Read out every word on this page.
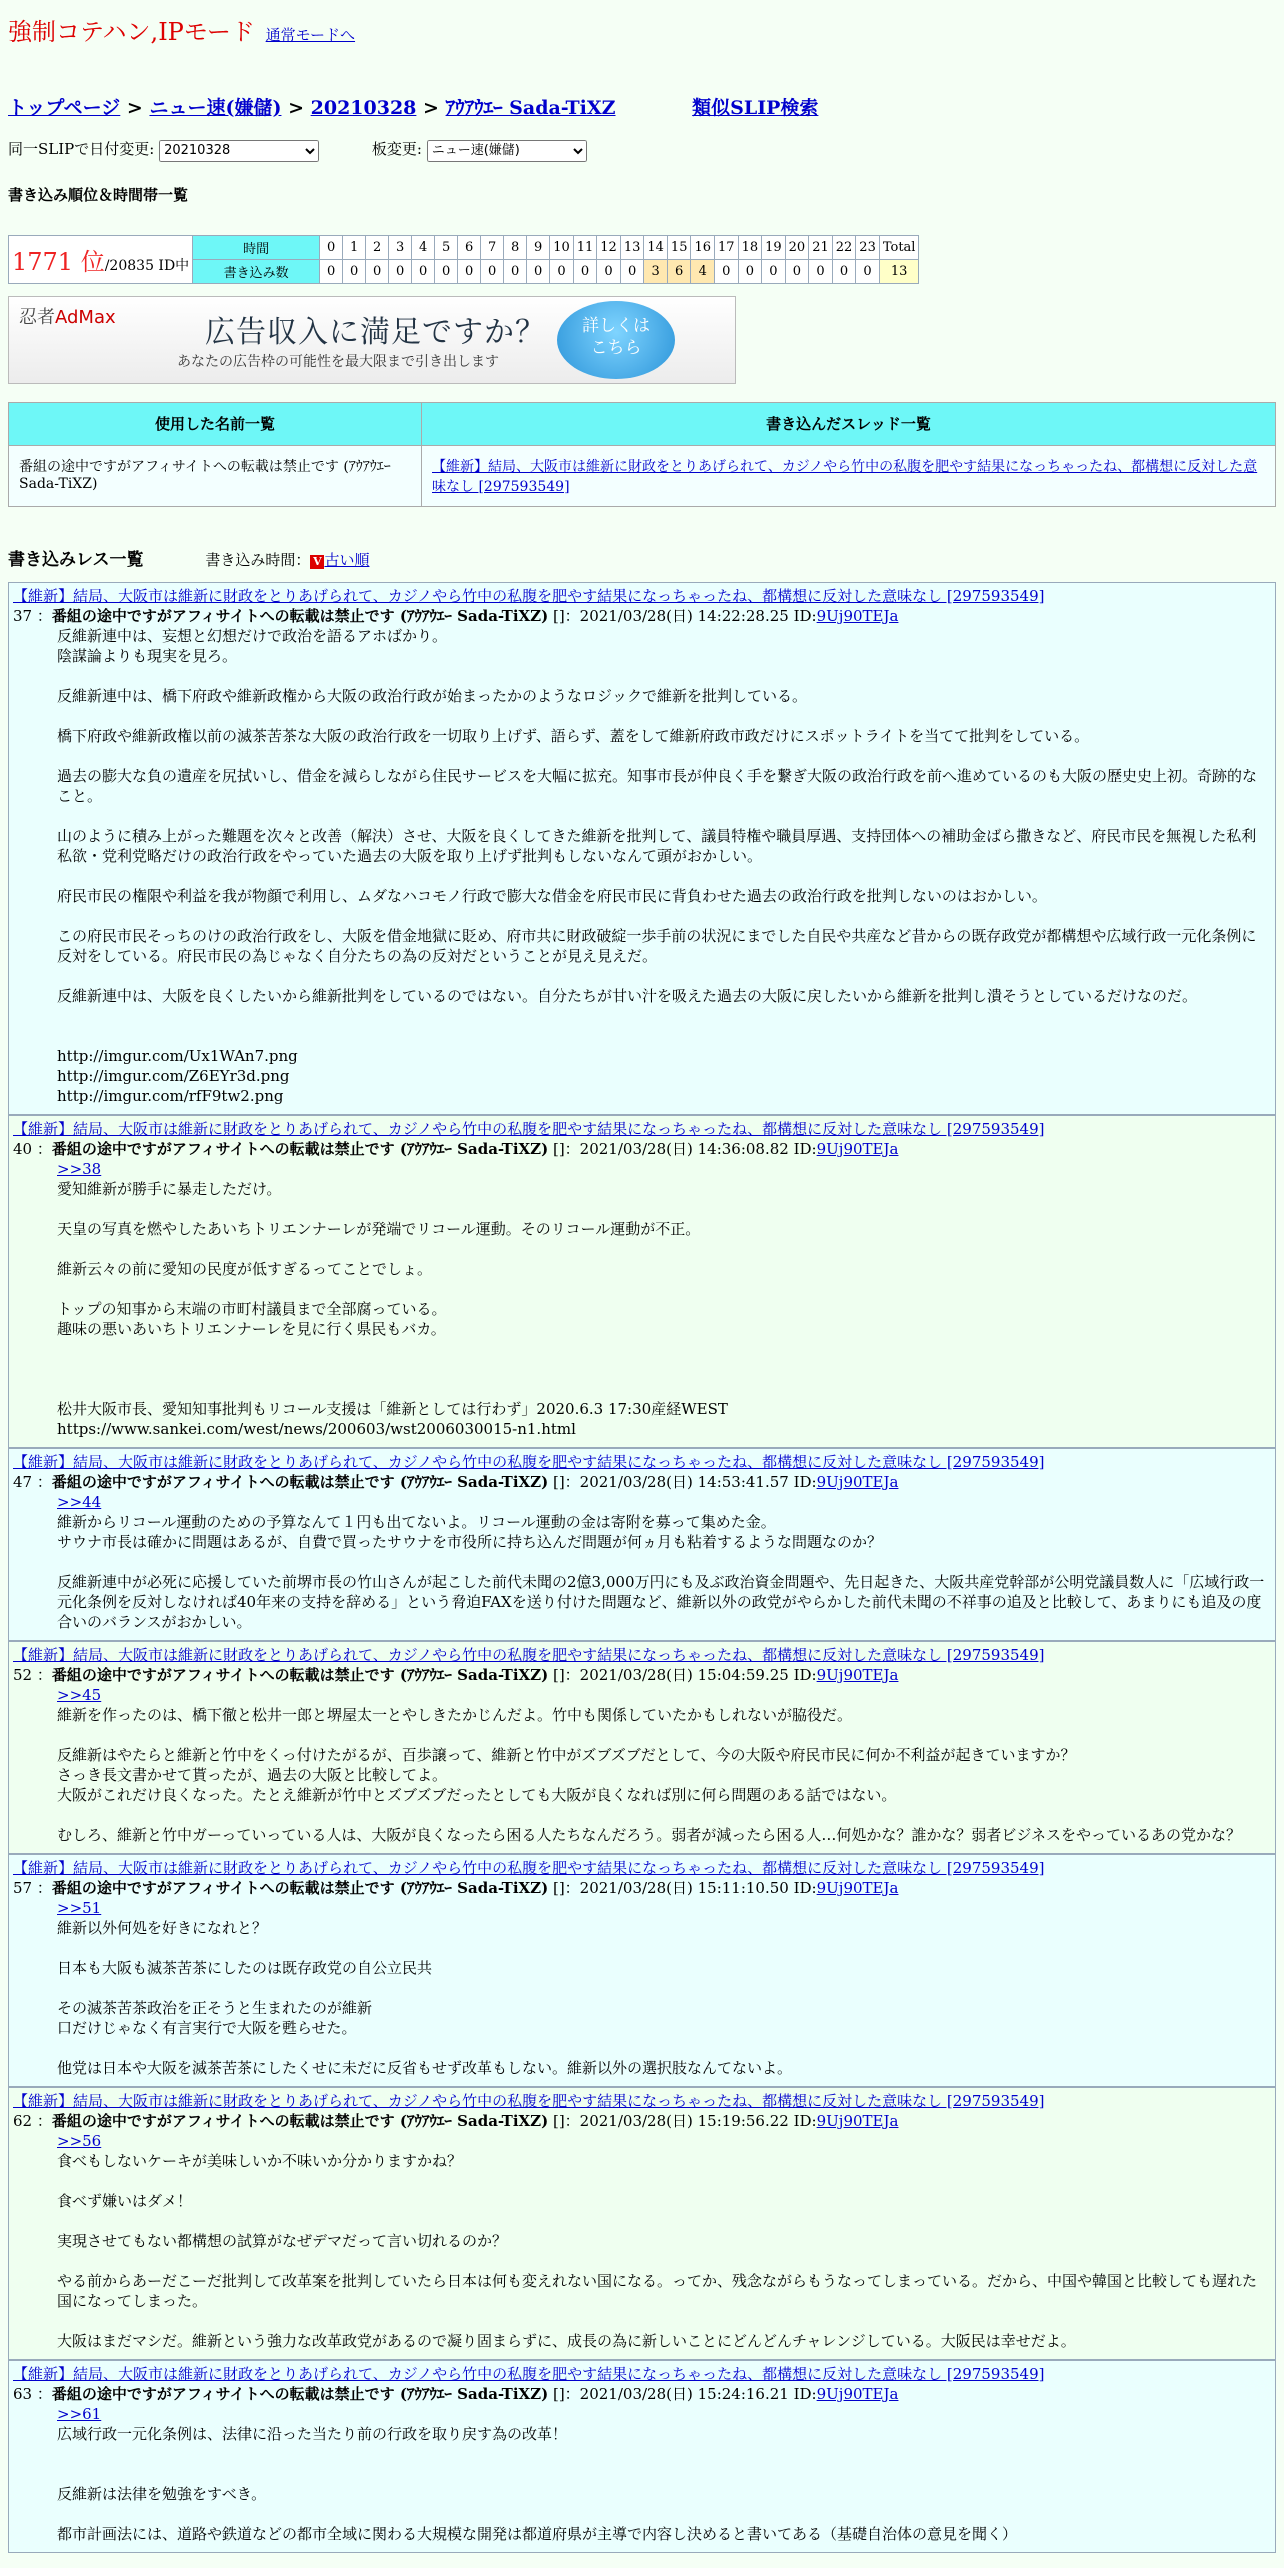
強制コテハン,IPモード 通常モードへ
トップページ > ニュー速(嫌儲) > 20210328 > ｱｳｱｳｴｰ Sada-TiXZ	類似SLIP検索
同一SLIPで日付変更:
20210328	板変更:
ニュー速(嫌儲)
書き込み順位＆時間帯一覧
1771 位/20835 ID中	時間	0	1	2	3	4	5	6	7	8	9	10	11	12	13	14	15	16	17	18	19	20	21	22	23	Total
	書き込み数	0	0	0	0	0	0	0	0	0	0	0	0	0	0	3	6	4	0	0	0	0	0	0	0	13
忍者AdMax	広告収入に満足ですか？
あなたの広告枠の可能性を最大限まで引き出します
詳しくは
こちら
使用した名前一覧	書き込んだスレッド一覧
番組の途中ですがアフィサイトへの転載は禁止です (ｱｳｱｳｴｰ Sada-TiXZ)	【維新】結局、大阪市は維新に財政をとりあげられて、カジノやら竹中の私腹を肥やす結果になっちゃったね、都構想に反対した意味なし [297593549]
書き込みレス一覧	書き込み時間： V 古い順
【維新】結局、大阪市は維新に財政をとりあげられて、カジノやら竹中の私腹を肥やす結果になっちゃったね、都構想に反対した意味なし [297593549]
37 ：番組の途中ですがアフィサイトへの転載は禁止です (ｱｳｱｳｴｰ Sada-TiXZ) []：2021/03/28(日) 14:22:28.25 ID:9Uj90TEJa

反維新連中は、妄想と幻想だけで政治を語るアホばかり。

陰謀論よりも現実を見ろ。

反維新連中は、橋下府政や維新政権から大阪の政治行政が始まったかのようなロジックで維新を批判している。

橋下府政や維新政権以前の滅茶苦茶な大阪の政治行政を一切取り上げず、語らず、蓋をして維新府政市政だけにスポットライトを当てて批判をしている。

過去の膨大な負の遺産を尻拭いし、借金を減らしながら住民サービスを大幅に拡充。知事市長が仲良く手を繋ぎ大阪の政治行政を前へ進めているのも大阪の歴史史上初。奇跡的なこと。

山のように積み上がった難題を次々と改善（解決）させ、大阪を良くしてきた維新を批判して、議員特権や職員厚遇、支持団体への補助金ばら撒きなど、府民市民を無視した私利私欲・党利党略だけの政治行政をやっていた過去の大阪を取り上げず批判もしないなんて頭がおかしい。

府民市民の権限や利益を我が物顔で利用し、ムダなハコモノ行政で膨大な借金を府民市民に背負わせた過去の政治行政を批判しないのはおかしい。

この府民市民そっちのけの政治行政をし、大阪を借金地獄に貶め、府市共に財政破綻一歩手前の状況にまでした自民や共産など昔からの既存政党が都構想や広域行政一元化条例に反対をしている。府民市民の為じゃなく自分たちの為の反対だということが見え見えだ。

反維新連中は、大阪を良くしたいから維新批判をしているのではない。自分たちが甘い汁を吸えた過去の大阪に戻したいから維新を批判し潰そうとしているだけなのだ。

http://imgur.com/Ux1WAn7.png

http://imgur.com/Z6EYr3d.png

http://imgur.com/rfF9tw2.png

【維新】結局、大阪市は維新に財政をとりあげられて、カジノやら竹中の私腹を肥やす結果になっちゃったね、都構想に反対した意味なし [297593549]
40 ：番組の途中ですがアフィサイトへの転載は禁止です (ｱｳｱｳｴｰ Sada-TiXZ) []：2021/03/28(日) 14:36:08.82 ID:9Uj90TEJa

>>38

愛知維新が勝手に暴走しただけ。

天皇の写真を燃やしたあいちトリエンナーレが発端でリコール運動。そのリコール運動が不正。

維新云々の前に愛知の民度が低すぎるってことでしょ。

トップの知事から末端の市町村議員まで全部腐っている。

趣味の悪いあいちトリエンナーレを見に行く県民もバカ。

松井大阪市長、愛知知事批判もリコール支援は「維新としては行わず」2020.6.3 17:30産経WEST

https://www.sankei.com/west/news/200603/wst2006030015-n1.html

【維新】結局、大阪市は維新に財政をとりあげられて、カジノやら竹中の私腹を肥やす結果になっちゃったね、都構想に反対した意味なし [297593549]
47 ：番組の途中ですがアフィサイトへの転載は禁止です (ｱｳｱｳｴｰ Sada-TiXZ) []：2021/03/28(日) 14:53:41.57 ID:9Uj90TEJa

>>44

維新からリコール運動のための予算なんて１円も出てないよ。リコール運動の金は寄附を募って集めた金。

サウナ市長は確かに問題はあるが、自費で買ったサウナを市役所に持ち込んだ問題が何ヵ月も粘着するような問題なのか？

反維新連中が必死に応援していた前堺市長の竹山さんが起こした前代未聞の2億3,000万円にも及ぶ政治資金問題や、先日起きた、大阪共産党幹部が公明党議員数人に「広域行政一元化条例を反対しなければ40年来の支持を辞める」という脅迫FAXを送り付けた問題など、維新以外の政党がやらかした前代未聞の不祥事の追及と比較して、あまりにも追及の度合いのバランスがおかしい。

【維新】結局、大阪市は維新に財政をとりあげられて、カジノやら竹中の私腹を肥やす結果になっちゃったね、都構想に反対した意味なし [297593549]
52 ：番組の途中ですがアフィサイトへの転載は禁止です (ｱｳｱｳｴｰ Sada-TiXZ) []：2021/03/28(日) 15:04:59.25 ID:9Uj90TEJa

>>45

維新を作ったのは、橋下徹と松井一郎と堺屋太一とやしきたかじんだよ。竹中も関係していたかもしれないが脇役だ。

反維新はやたらと維新と竹中をくっ付けたがるが、百歩譲って、維新と竹中がズブズブだとして、今の大阪や府民市民に何か不利益が起きていますか？

さっき長文書かせて貰ったが、過去の大阪と比較してよ。

大阪がこれだけ良くなった。たとえ維新が竹中とズブズブだったとしても大阪が良くなれば別に何ら問題のある話ではない。

むしろ、維新と竹中ガーっていっている人は、大阪が良くなったら困る人たちなんだろう。弱者が減ったら困る人…何処かな？誰かな？弱者ビジネスをやっているあの党かな？

【維新】結局、大阪市は維新に財政をとりあげられて、カジノやら竹中の私腹を肥やす結果になっちゃったね、都構想に反対した意味なし [297593549]
57 ：番組の途中ですがアフィサイトへの転載は禁止です (ｱｳｱｳｴｰ Sada-TiXZ) []：2021/03/28(日) 15:11:10.50 ID:9Uj90TEJa

>>51

維新以外何処を好きになれと？

日本も大阪も滅茶苦茶にしたのは既存政党の自公立民共

その滅茶苦茶政治を正そうと生まれたのが維新

口だけじゃなく有言実行で大阪を甦らせた。

他党は日本や大阪を滅茶苦茶にしたくせに未だに反省もせず改革もしない。維新以外の選択肢なんてないよ。

【維新】結局、大阪市は維新に財政をとりあげられて、カジノやら竹中の私腹を肥やす結果になっちゃったね、都構想に反対した意味なし [297593549]
62 ：番組の途中ですがアフィサイトへの転載は禁止です (ｱｳｱｳｴｰ Sada-TiXZ) []：2021/03/28(日) 15:19:56.22 ID:9Uj90TEJa

>>56

食べもしないケーキが美味しいか不味いか分かりますかね？

食べず嫌いはダメ！

実現させてもない都構想の試算がなぜデマだって言い切れるのか？

やる前からあーだこーだ批判して改革案を批判していたら日本は何も変えれない国になる。ってか、残念ながらもうなってしまっている。だから、中国や韓国と比較しても遅れた国になってしまった。

大阪はまだマシだ。維新という強力な改革政党があるので凝り固まらずに、成長の為に新しいことにどんどんチャレンジしている。大阪民は幸せだよ。

【維新】結局、大阪市は維新に財政をとりあげられて、カジノやら竹中の私腹を肥やす結果になっちゃったね、都構想に反対した意味なし [297593549]
63 ：番組の途中ですがアフィサイトへの転載は禁止です (ｱｳｱｳｴｰ Sada-TiXZ) []：2021/03/28(日) 15:24:16.21 ID:9Uj90TEJa

>>61

広域行政一元化条例は、法律に沿った当たり前の行政を取り戻す為の改革！

反維新は法律を勉強をすべき。

都市計画法には、道路や鉄道などの都市全域に関わる大規模な開発は都道府県が主導で内容し決めると書いてある（基礎自治体の意見を聞く）
